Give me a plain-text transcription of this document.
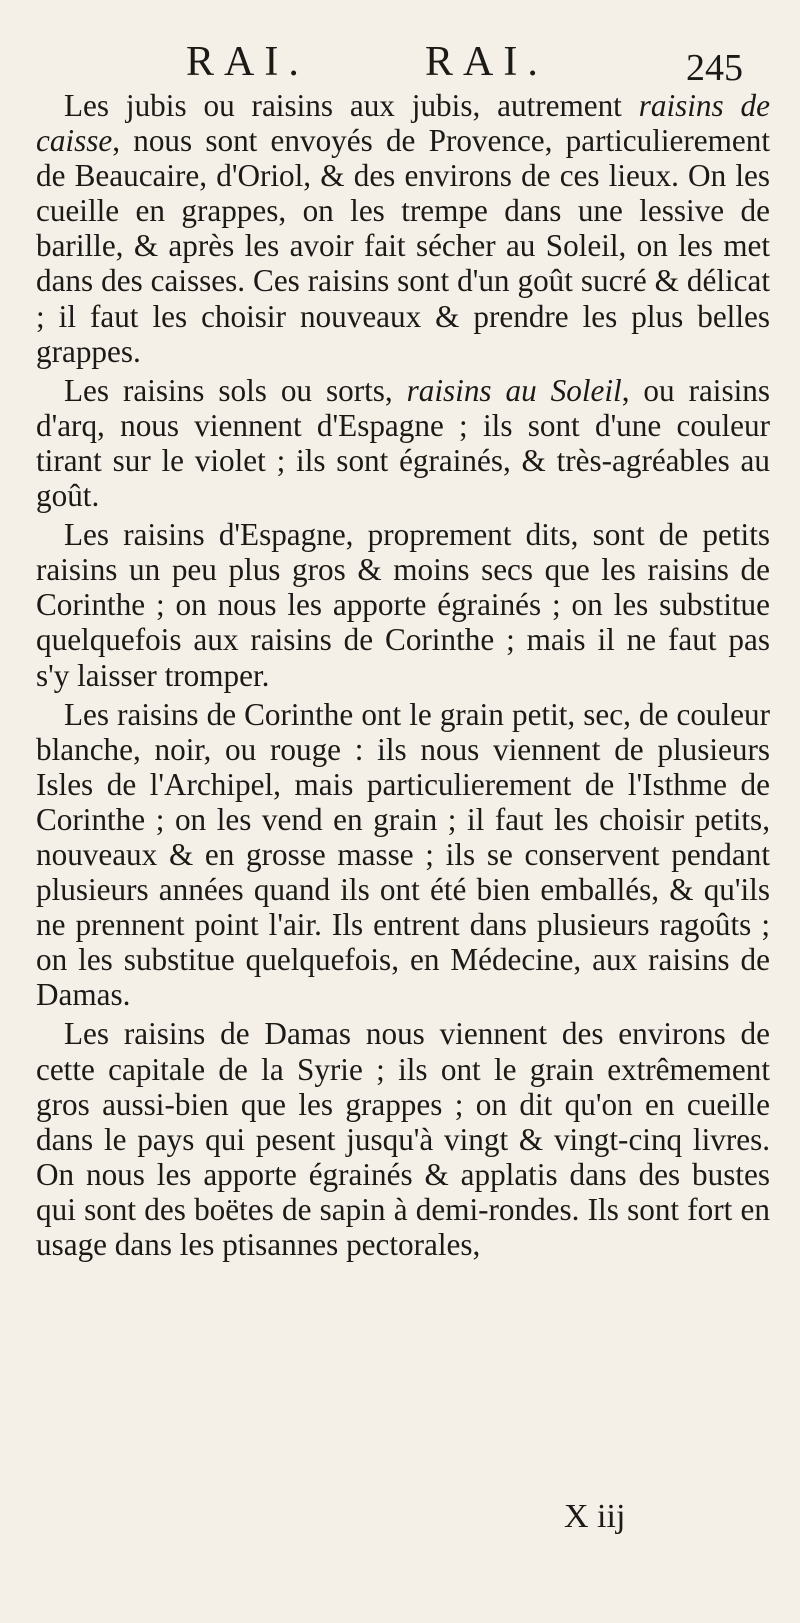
RAI.	RAI.	245

Les jubis ou raisins aux jubis, autrement raisins de caisse, nous sont envoyés de Provence, particulierement de Beaucaire, d'Oriol, & des environs de ces lieux. On les cueille en grappes, on les trempe dans une lessive de barille, & après les avoir fait sécher au Soleil, on les met dans des caisses. Ces raisins sont d'un goût sucré & délicat ; il faut les choisir nouveaux & prendre les plus belles grappes.

Les raisins sols ou sorts, raisins au Soleil, ou raisins d'arq, nous viennent d'Espagne ; ils sont d'une couleur tirant sur le violet ; ils sont égrainés, & très-agréables au goût.

Les raisins d'Espagne, proprement dits, sont de petits raisins un peu plus gros & moins secs que les raisins de Corinthe ; on nous les apporte égrainés ; on les substitue quelquefois aux raisins de Corinthe ; mais il ne faut pas s'y laisser tromper.

Les raisins de Corinthe ont le grain petit, sec, de couleur blanche, noir, ou rouge : ils nous viennent de plusieurs Isles de l'Archipel, mais particulierement de l'Isthme de Corinthe ; on les vend en grain ; il faut les choisir petits, nouveaux & en grosse masse ; ils se conservent pendant plusieurs années quand ils ont été bien emballés, & qu'ils ne prennent point l'air. Ils entrent dans plusieurs ragoûts ; on les substitue quelquefois, en Médecine, aux raisins de Damas.

Les raisins de Damas nous viennent des environs de cette capitale de la Syrie ; ils ont le grain extrêmement gros aussi-bien que les grappes ; on dit qu'on en cueille dans le pays qui pesent jusqu'à vingt & vingt-cinq livres. On nous les apporte égrainés & applatis dans des bustes qui sont des boëtes de sapin à demi-rondes. Ils sont fort en usage dans les ptisannes pectorales,

X iij
